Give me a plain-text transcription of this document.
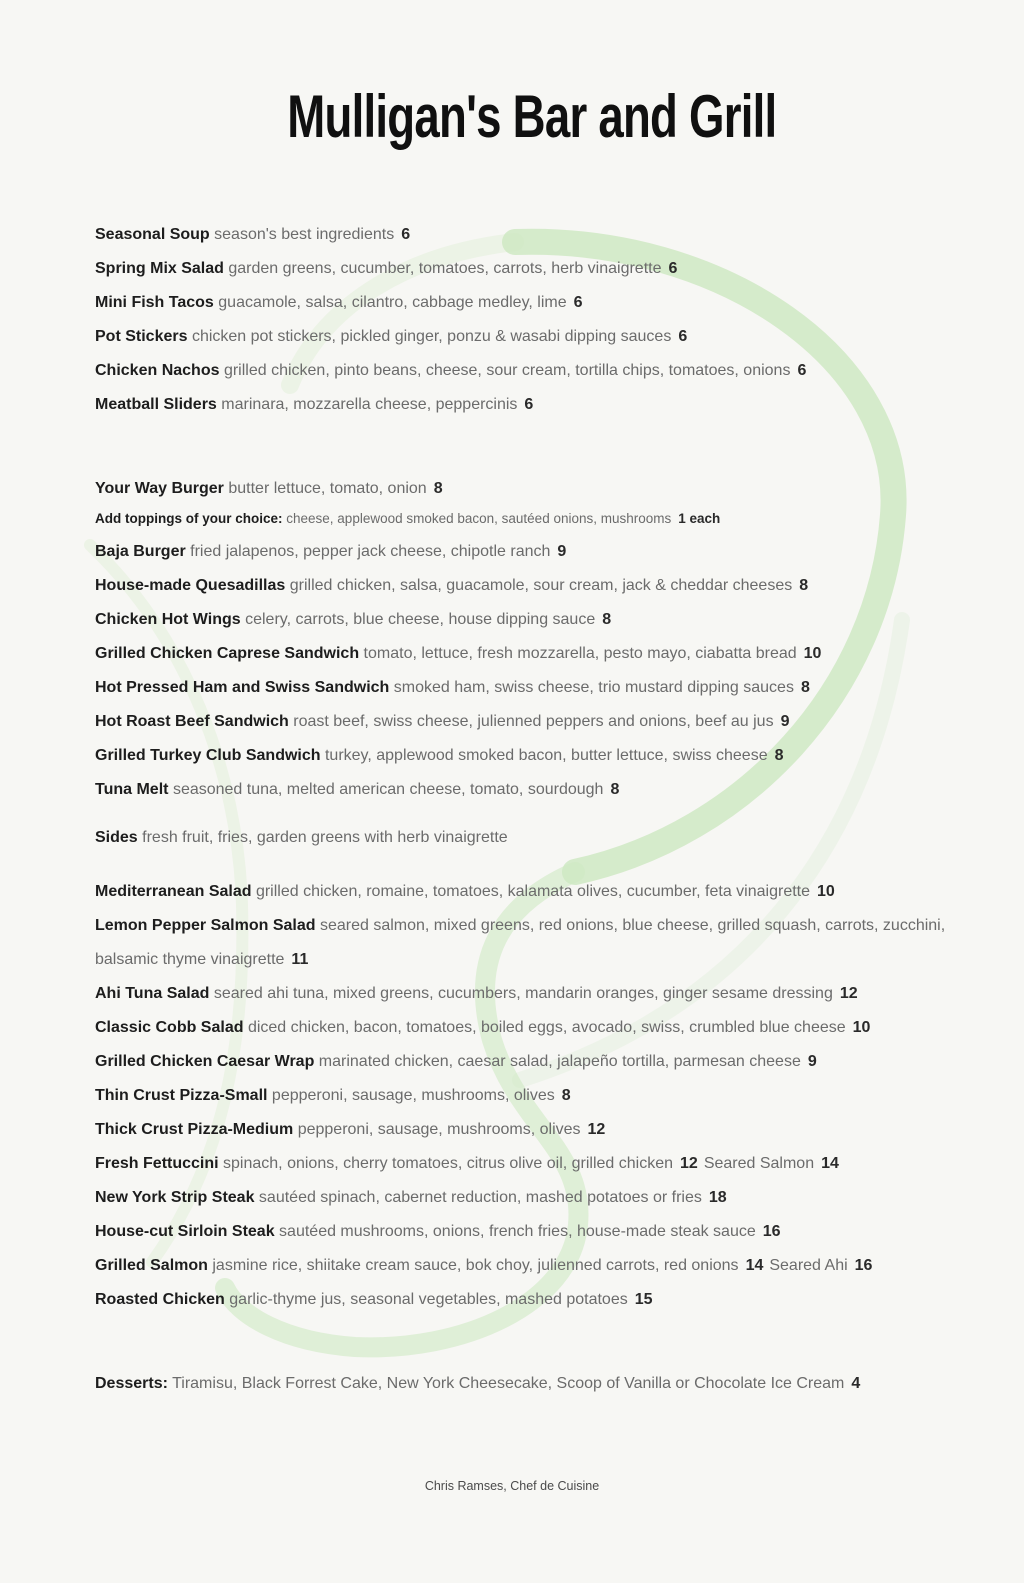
Mulligan's Bar and Grill
Seasonal Soup season's best ingredients 6
Spring Mix Salad garden greens, cucumber, tomatoes, carrots, herb vinaigrette 6
Mini Fish Tacos guacamole, salsa, cilantro, cabbage medley, lime 6
Pot Stickers chicken pot stickers, pickled ginger, ponzu & wasabi dipping sauces 6
Chicken Nachos grilled chicken, pinto beans, cheese, sour cream, tortilla chips, tomatoes, onions 6
Meatball Sliders marinara, mozzarella cheese, peppercinis 6
Your Way Burger butter lettuce, tomato, onion 8
Add toppings of your choice: cheese, applewood smoked bacon, sautéed onions, mushrooms 1 each
Baja Burger fried jalapenos, pepper jack cheese, chipotle ranch 9
House-made Quesadillas grilled chicken, salsa, guacamole, sour cream, jack & cheddar cheeses 8
Chicken Hot Wings celery, carrots, blue cheese, house dipping sauce 8
Grilled Chicken Caprese Sandwich tomato, lettuce, fresh mozzarella, pesto mayo, ciabatta bread 10
Hot Pressed Ham and Swiss Sandwich smoked ham, swiss cheese, trio mustard dipping sauces 8
Hot Roast Beef Sandwich roast beef, swiss cheese, julienned peppers and onions, beef au jus 9
Grilled Turkey Club Sandwich turkey, applewood smoked bacon, butter lettuce, swiss cheese 8
Tuna Melt seasoned tuna, melted american cheese, tomato, sourdough 8
Sides fresh fruit, fries, garden greens with herb vinaigrette
Mediterranean Salad grilled chicken, romaine, tomatoes, kalamata olives, cucumber, feta vinaigrette 10
Lemon Pepper Salmon Salad seared salmon, mixed greens, red onions, blue cheese, grilled squash, carrots, zucchini, balsamic thyme vinaigrette 11
Ahi Tuna Salad seared ahi tuna, mixed greens, cucumbers, mandarin oranges, ginger sesame dressing 12
Classic Cobb Salad diced chicken, bacon, tomatoes, boiled eggs, avocado, swiss, crumbled blue cheese 10
Grilled Chicken Caesar Wrap marinated chicken, caesar salad, jalapeño tortilla, parmesan cheese 9
Thin Crust Pizza-Small pepperoni, sausage, mushrooms, olives 8
Thick Crust Pizza-Medium pepperoni, sausage, mushrooms, olives 12
Fresh Fettuccini spinach, onions, cherry tomatoes, citrus olive oil, grilled chicken 12 Seared Salmon 14
New York Strip Steak sautéed spinach, cabernet reduction, mashed potatoes or fries 18
House-cut Sirloin Steak sautéed mushrooms, onions, french fries, house-made steak sauce 16
Grilled Salmon jasmine rice, shiitake cream sauce, bok choy, julienned carrots, red onions 14 Seared Ahi 16
Roasted Chicken garlic-thyme jus, seasonal vegetables, mashed potatoes 15
Desserts: Tiramisu, Black Forrest Cake, New York Cheesecake, Scoop of Vanilla or Chocolate Ice Cream 4
Chris Ramses, Chef de Cuisine
